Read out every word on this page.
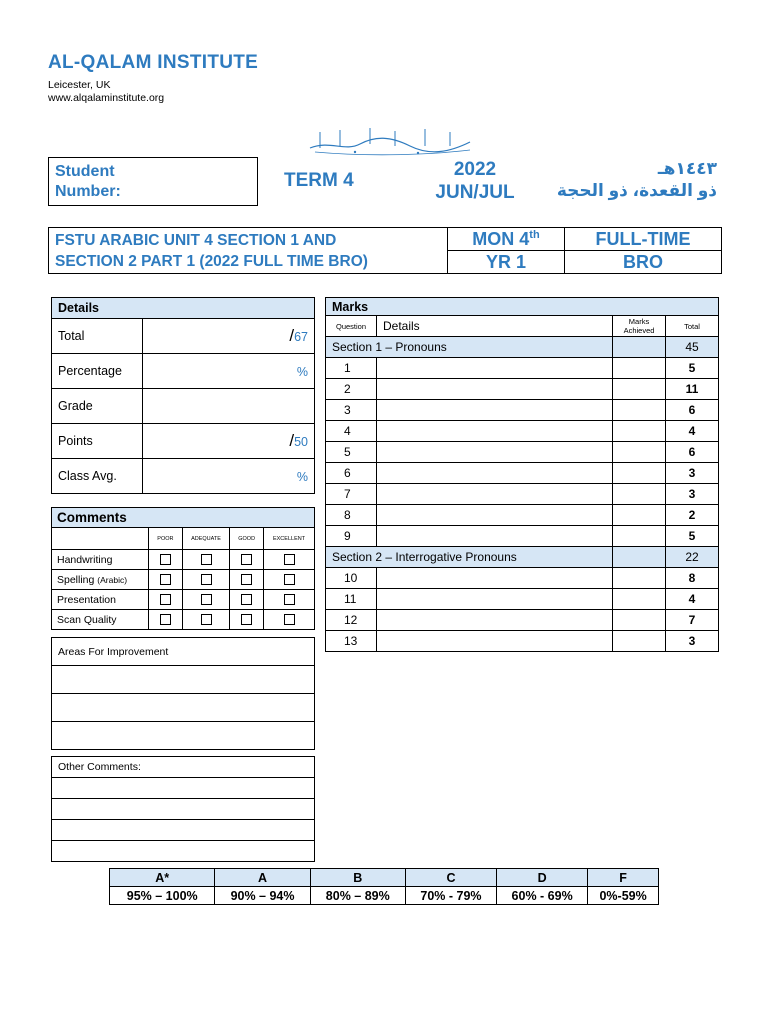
AL-QALAM INSTITUTE
Leicester, UK
www.alqalaminstitute.org
Student
Number:
TERM 4
2022
JUN/JUL
١٤٤٣هـ
ذو القعدة، ذو الحجة
FSTU ARABIC UNIT 4 SECTION 1 AND
SECTION 2 PART 1 (2022 FULL TIME BRO)	MON 4th	FULL-TIME
	YR 1	BRO
Details	
Total	/67
Percentage	%
Grade	
Points	/50
Class Avg.	%
Comments				
	POOR	ADEQUATE	GOOD	EXCELLENT
Handwriting				
Spelling (Arabic)				
Presentation				
Scan Quality				
Areas For Improvement

Other Comments:

Marks			
Question	Details	Marks Achieved	Total
Section 1 – Pronouns			45
1			5
2			11
3			6
4			4
5			6
6			3
7			3
8			2
9			5
Section 2 – Interrogative Pronouns			22
10			8
11			4
12			7
13			3
A*	A	B	C	D	F
95% – 100%	90% – 94%	80% – 89%	70% - 79%	60% - 69%	0%-59%
